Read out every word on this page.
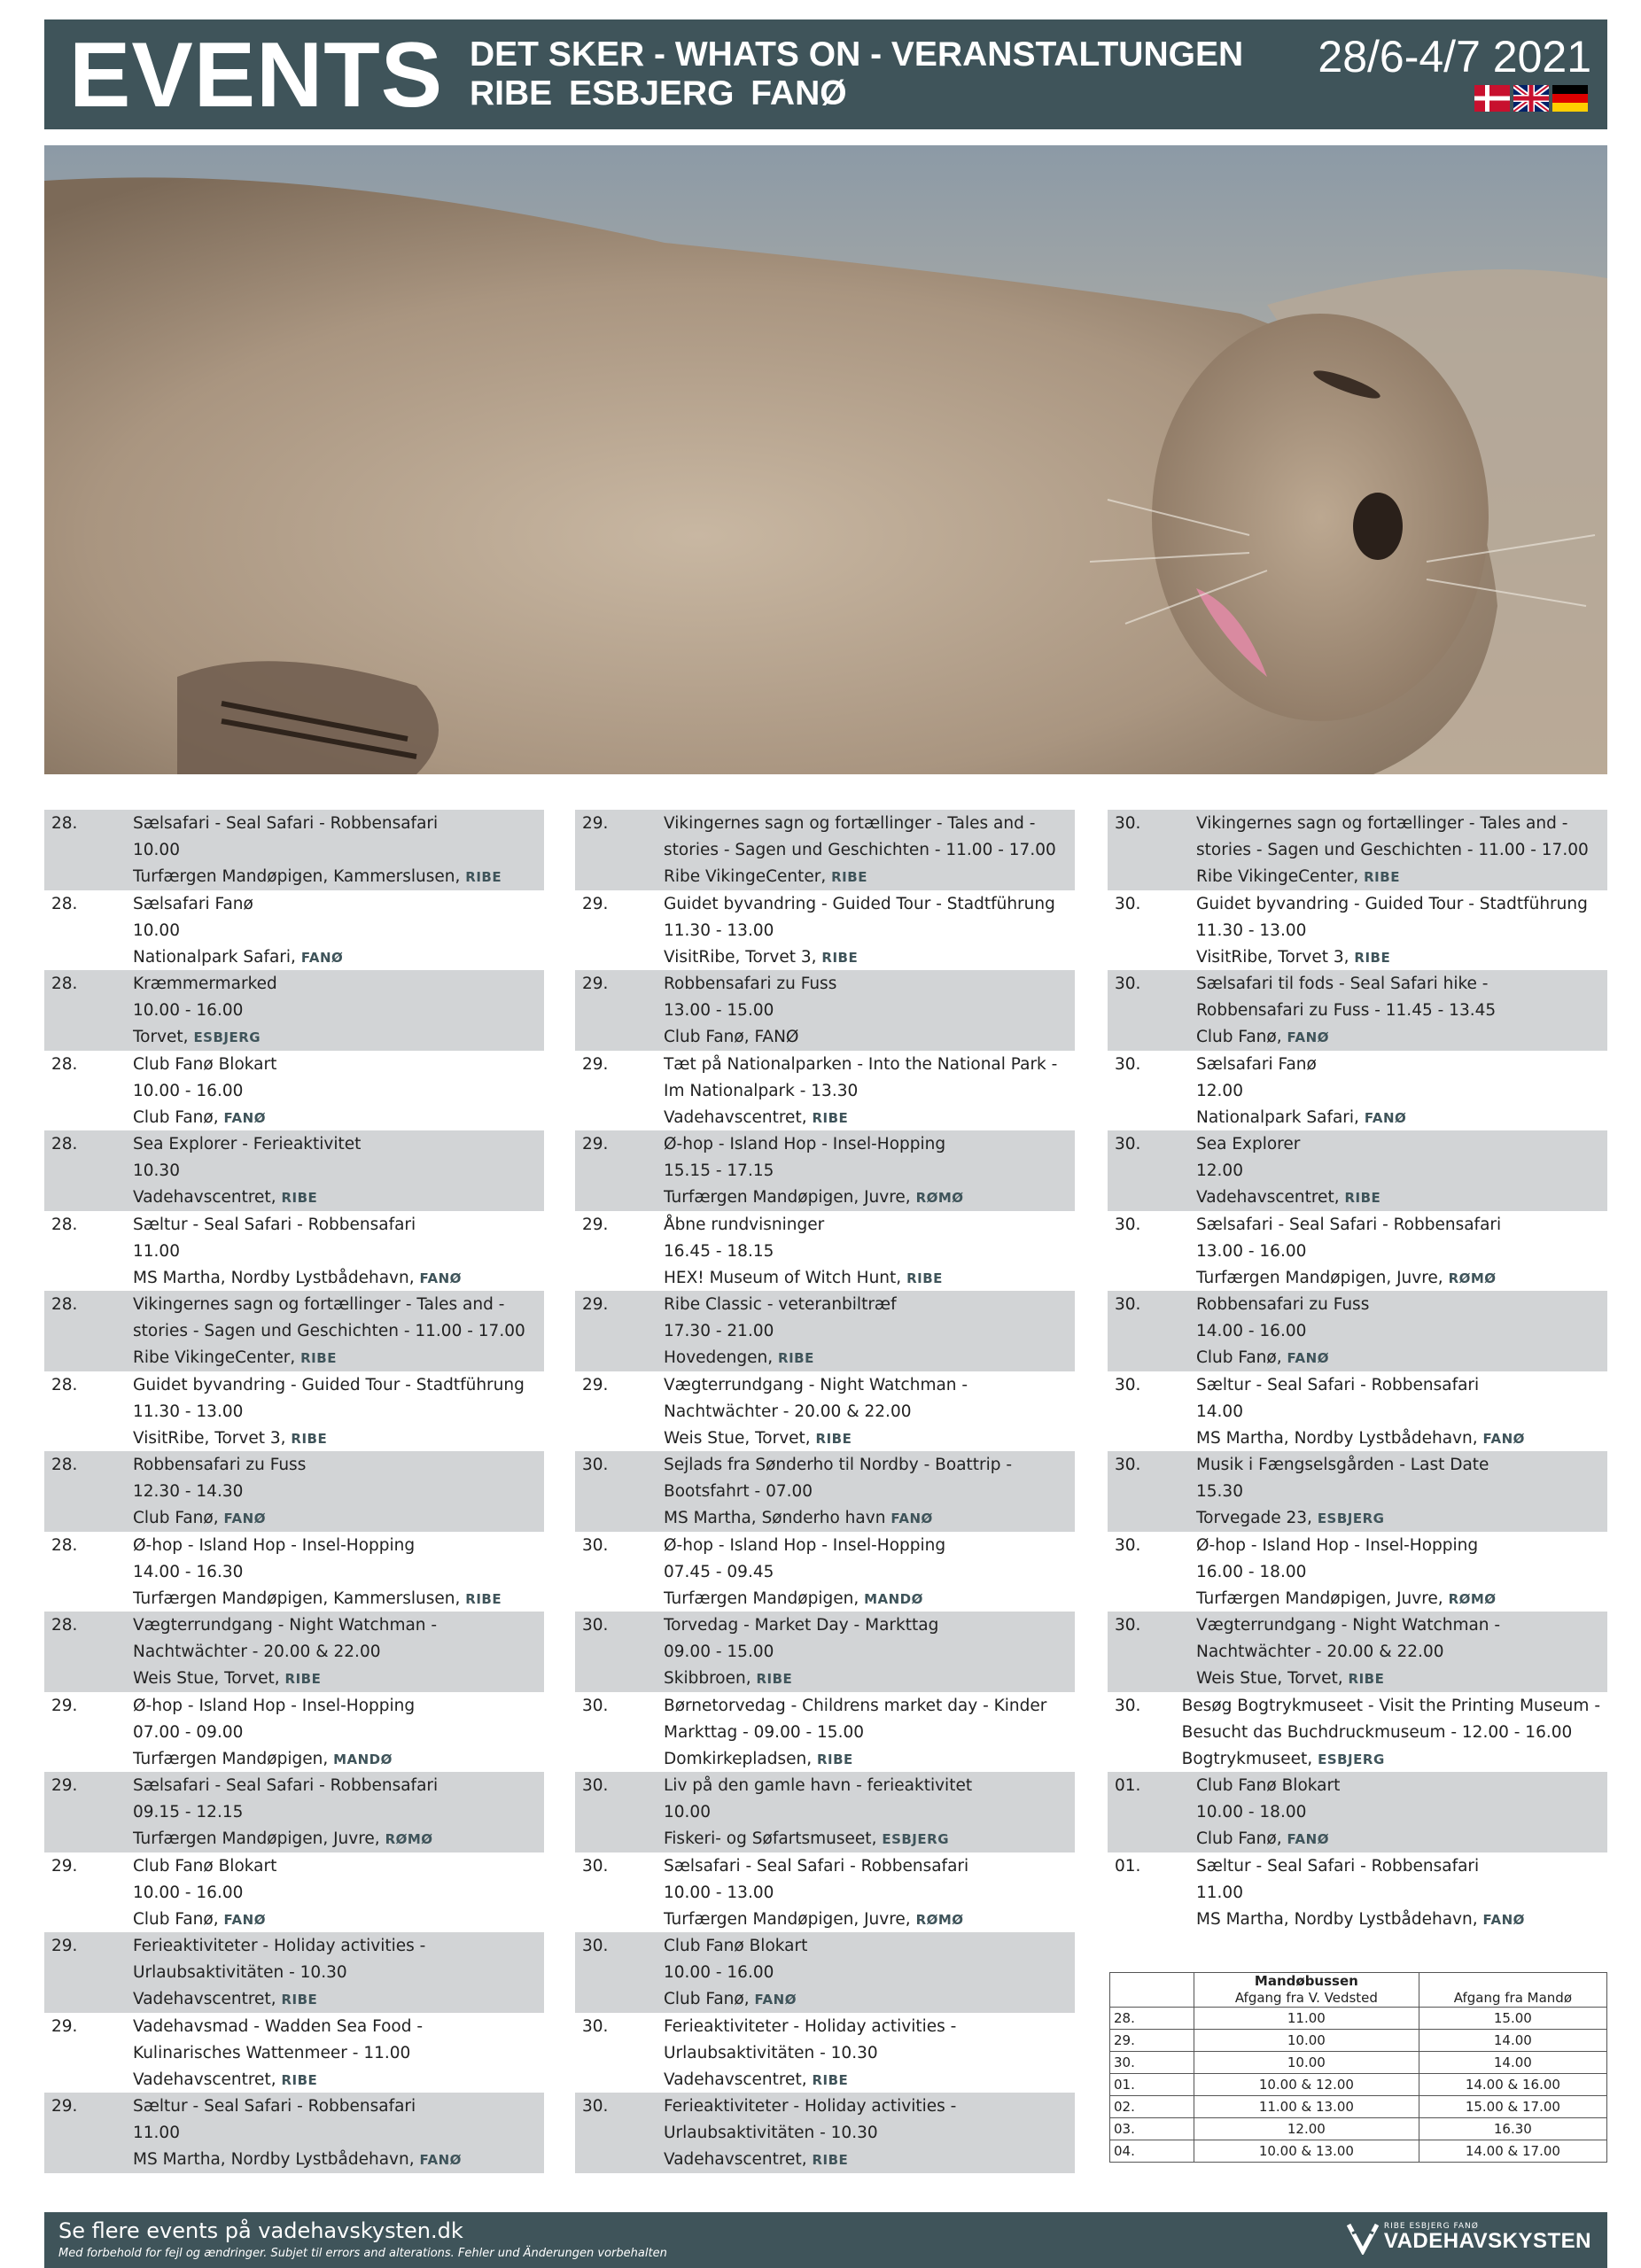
EVENTS DET SKER - WHATS ON - VERANSTALTUNGEN
RIBE ESBJERG FANØ
28/6-4/7 2021
28.	Sælsafari - Seal Safari - Robbensafari
10.00
Turfærgen Mandøpigen, Kammerslusen, RIBE
28.	Sælsafari Fanø
10.00
Nationalpark Safari, FANØ
28.	Kræmmermarked
10.00 - 16.00
Torvet, ESBJERG
28.	Club Fanø Blokart
10.00 - 16.00
Club Fanø, FANØ
28.	Sea Explorer - Ferieaktivitet
10.30
Vadehavscentret, RIBE
28.	Sæltur - Seal Safari - Robbensafari
11.00
MS Martha, Nordby Lystbådehavn, FANØ
28.	Vikingernes sagn og fortællinger - Tales and -
stories - Sagen und Geschichten - 11.00 - 17.00
Ribe VikingeCenter, RIBE
28.	Guidet byvandring - Guided Tour - Stadtführung
11.30 - 13.00
VisitRibe, Torvet 3, RIBE
28.	Robbensafari zu Fuss
12.30 - 14.30
Club Fanø, FANØ
28.	Ø-hop - Island Hop - Insel-Hopping
14.00 - 16.30
Turfærgen Mandøpigen, Kammerslusen, RIBE
28.	Vægterrundgang - Night Watchman -
Nachtwächter - 20.00 & 22.00
Weis Stue, Torvet, RIBE
29.	Ø-hop - Island Hop - Insel-Hopping
07.00 - 09.00
Turfærgen Mandøpigen, MANDØ
29.	Sælsafari - Seal Safari - Robbensafari
09.15 - 12.15
Turfærgen Mandøpigen, Juvre, RØMØ
29.	Club Fanø Blokart
10.00 - 16.00
Club Fanø, FANØ
29.	Ferieaktiviteter - Holiday activities -
Urlaubsaktivitäten - 10.30
Vadehavscentret, RIBE
29.	Vadehavsmad - Wadden Sea Food -
Kulinarisches Wattenmeer - 11.00
Vadehavscentret, RIBE
29.	Sæltur - Seal Safari - Robbensafari
11.00
MS Martha, Nordby Lystbådehavn, FANØ
29.	Vikingernes sagn og fortællinger - Tales and -
stories - Sagen und Geschichten - 11.00 - 17.00
Ribe VikingeCenter, RIBE
29.	Guidet byvandring - Guided Tour - Stadtführung
11.30 - 13.00
VisitRibe, Torvet 3, RIBE
29.	Robbensafari zu Fuss
13.00 - 15.00
Club Fanø, FANØ
29.	Tæt på Nationalparken - Into the National Park -
Im Nationalpark - 13.30
Vadehavscentret, RIBE
29.	Ø-hop - Island Hop - Insel-Hopping
15.15 - 17.15
Turfærgen Mandøpigen, Juvre, RØMØ
29.	Åbne rundvisninger
16.45 - 18.15
HEX! Museum of Witch Hunt, RIBE
29.	Ribe Classic - veteranbiltræf
17.30 - 21.00
Hovedengen, RIBE
29.	Vægterrundgang - Night Watchman -
Nachtwächter - 20.00 & 22.00
Weis Stue, Torvet, RIBE
30.	Sejlads fra Sønderho til Nordby - Boattrip -
Bootsfahrt - 07.00
MS Martha, Sønderho havn FANØ
30.	Ø-hop - Island Hop - Insel-Hopping
07.45 - 09.45
Turfærgen Mandøpigen, MANDØ
30.	Torvedag - Market Day - Markttag
09.00 - 15.00
Skibbroen, RIBE
30.	Børnetorvedag - Childrens market day - Kinder
Markttag - 09.00 - 15.00
Domkirkepladsen, RIBE
30.	Liv på den gamle havn - ferieaktivitet
10.00
Fiskeri- og Søfartsmuseet, ESBJERG
30.	Sælsafari - Seal Safari - Robbensafari
10.00 - 13.00
Turfærgen Mandøpigen, Juvre, RØMØ
30.	Club Fanø Blokart
10.00 - 16.00
Club Fanø, FANØ
30.	Ferieaktiviteter - Holiday activities -
Urlaubsaktivitäten - 10.30
Vadehavscentret, RIBE
30.	Ferieaktiviteter - Holiday activities -
Urlaubsaktivitäten - 10.30
Vadehavscentret, RIBE
30.	Vikingernes sagn og fortællinger - Tales and -
stories - Sagen und Geschichten - 11.00 - 17.00
Ribe VikingeCenter, RIBE
30.	Guidet byvandring - Guided Tour - Stadtführung
11.30 - 13.00
VisitRibe, Torvet 3, RIBE
30.	Sælsafari til fods - Seal Safari hike -
Robbensafari zu Fuss - 11.45 - 13.45
Club Fanø, FANØ
30.	Sælsafari Fanø
12.00
Nationalpark Safari, FANØ
30.	Sea Explorer
12.00
Vadehavscentret, RIBE
30.	Sælsafari - Seal Safari - Robbensafari
13.00 - 16.00
Turfærgen Mandøpigen, Juvre, RØMØ
30.	Robbensafari zu Fuss
14.00 - 16.00
Club Fanø, FANØ
30.	Sæltur - Seal Safari - Robbensafari
14.00
MS Martha, Nordby Lystbådehavn, FANØ
30.	Musik i Fængselsgården - Last Date
15.30
Torvegade 23, ESBJERG
30.	Ø-hop - Island Hop - Insel-Hopping
16.00 - 18.00
Turfærgen Mandøpigen, Juvre, RØMØ
30.	Vægterrundgang - Night Watchman -
Nachtwächter - 20.00 & 22.00
Weis Stue, Torvet, RIBE
30.	Besøg Bogtrykmuseet - Visit the Printing Museum -
Besucht das Buchdruckmuseum - 12.00 - 16.00
Bogtrykmuseet, ESBJERG
01.	Club Fanø Blokart
10.00 - 18.00
Club Fanø, FANØ
01.	Sæltur - Seal Safari - Robbensafari
11.00
MS Martha, Nordby Lystbådehavn, FANØ

	Mandøbussen
Afgang fra V. Vedsted	Afgang fra Mandø
28.	11.00	15.00
29.	10.00	14.00
30.	10.00	14.00
01.	10.00 & 12.00	14.00 & 16.00
02.	11.00 & 13.00	15.00 & 17.00
03.	12.00	16.30
04.	10.00 & 13.00	14.00 & 17.00
Se flere events på vadehavskysten.dk
Med forbehold for fejl og ændringer. Subjet til errors and alterations. Fehler und Änderungen vorbehalten
RIBE ESBJERG FANØ
VADEHAVSKYSTEN
